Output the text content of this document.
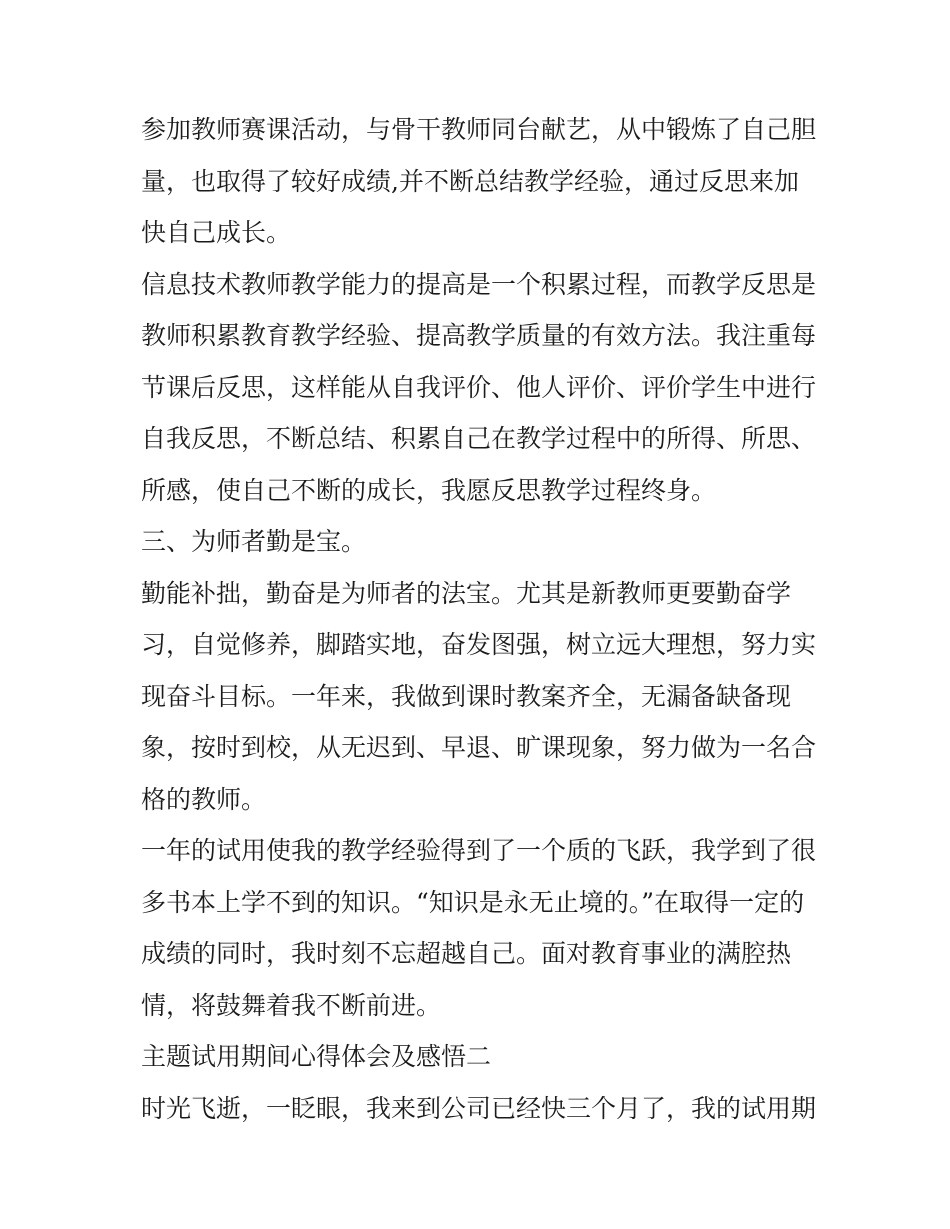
参加教师赛课活动，与骨干教师同台献艺，从中锻炼了自己胆
量，也取得了较好成绩,并不断总结教学经验，通过反思来加
快自己成长。
信息技术教师教学能力的提高是一个积累过程，而教学反思是
教师积累教育教学经验、提高教学质量的有效方法。我注重每
节课后反思，这样能从自我评价、他人评价、评价学生中进行
自我反思，不断总结、积累自己在教学过程中的所得、所思、
所感，使自己不断的成长，我愿反思教学过程终身。
三、为师者勤是宝。
勤能补拙，勤奋是为师者的法宝。尤其是新教师更要勤奋学
习，自觉修养，脚踏实地，奋发图强，树立远大理想，努力实
现奋斗目标。一年来，我做到课时教案齐全，无漏备缺备现
象，按时到校，从无迟到、早退、旷课现象，努力做为一名合
格的教师。
一年的试用使我的教学经验得到了一个质的飞跃，我学到了很
多书本上学不到的知识。“知识是永无止境的。”在取得一定的
成绩的同时，我时刻不忘超越自己。面对教育事业的满腔热
情，将鼓舞着我不断前进。
主题试用期间心得体会及感悟二
时光飞逝，一眨眼，我来到公司已经快三个月了，我的试用期
